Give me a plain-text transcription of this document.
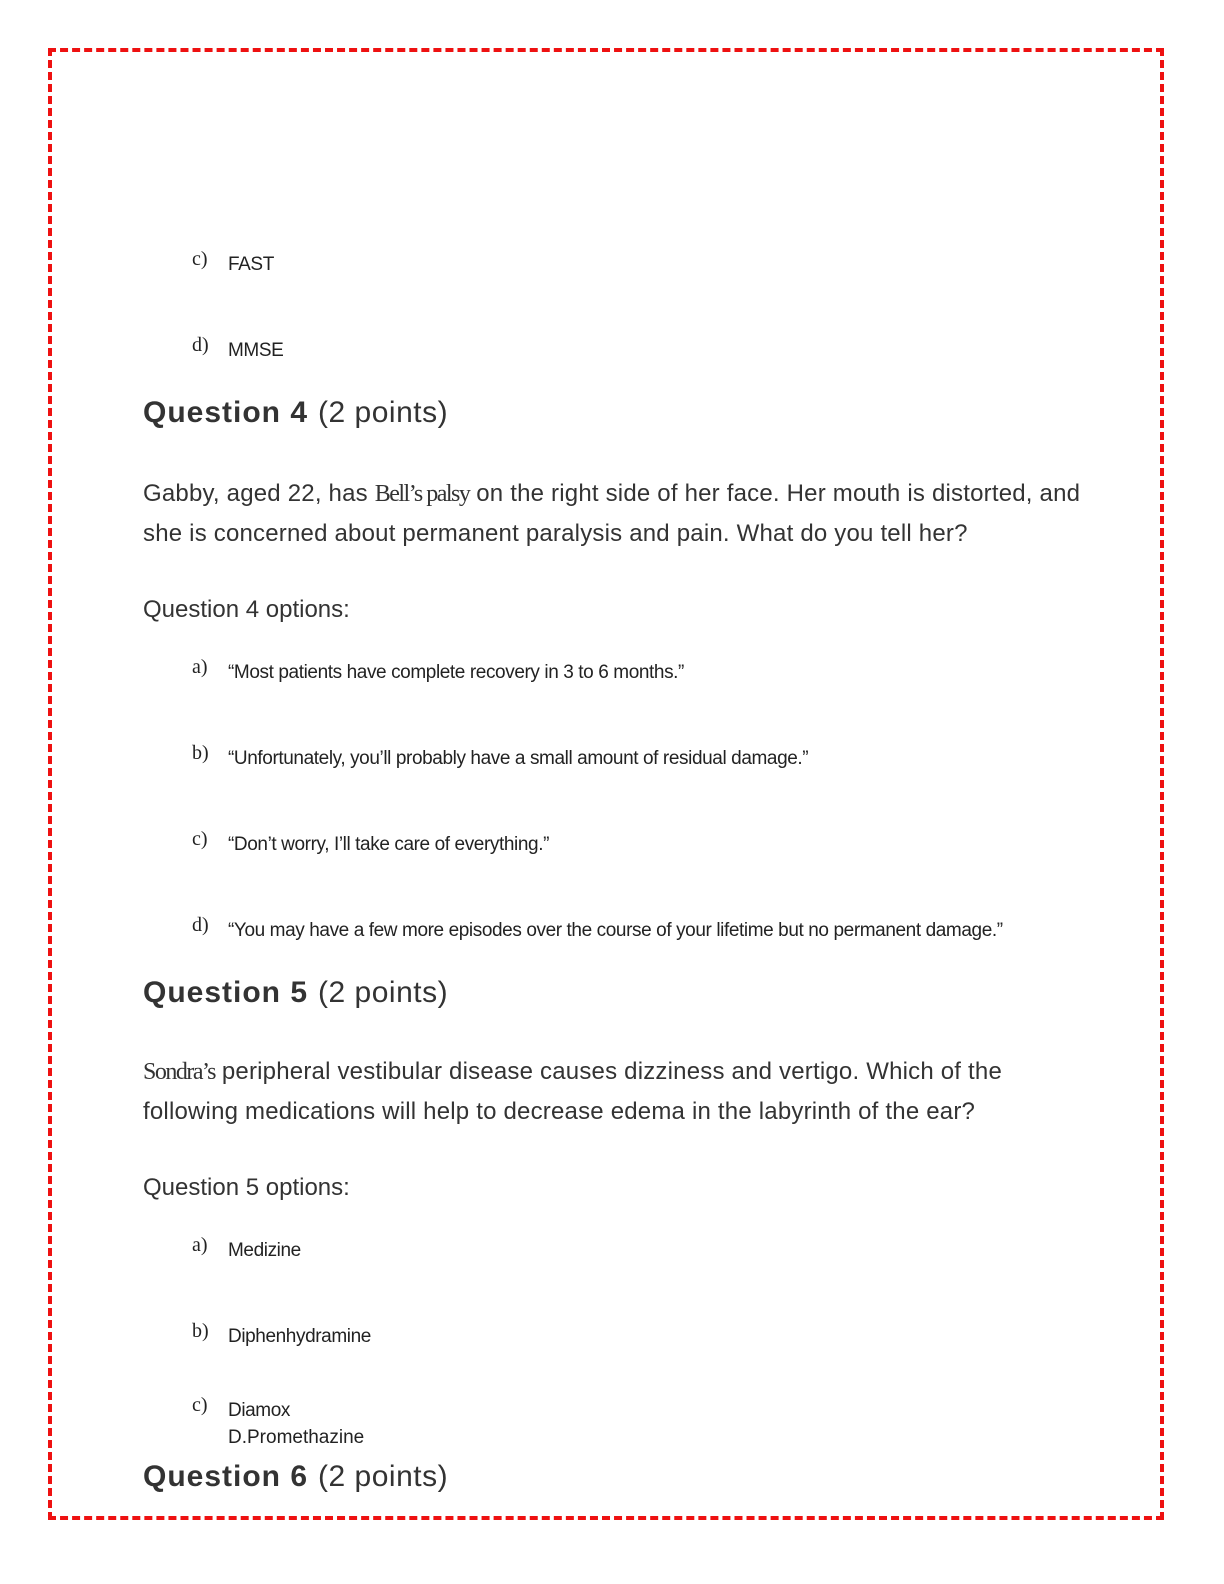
c) FAST
d) MMSE
Question 4 (2 points)
Gabby, aged 22, has Bell’s palsy on the right side of her face. Her mouth is distorted, and she is concerned about permanent paralysis and pain. What do you tell her?
Question 4 options:
a) “Most patients have complete recovery in 3 to 6 months.”
b) “Unfortunately, you’ll probably have a small amount of residual damage.”
c) “Don’t worry, I’ll take care of everything.”
d) “You may have a few more episodes over the course of your lifetime but no permanent damage.”
Question 5 (2 points)
Sondra’s peripheral vestibular disease causes dizziness and vertigo. Which of the following medications will help to decrease edema in the labyrinth of the ear?
Question 5 options:
a) Medizine
b) Diphenhydramine
c) Diamox
D.Promethazine
Question 6 (2 points)
